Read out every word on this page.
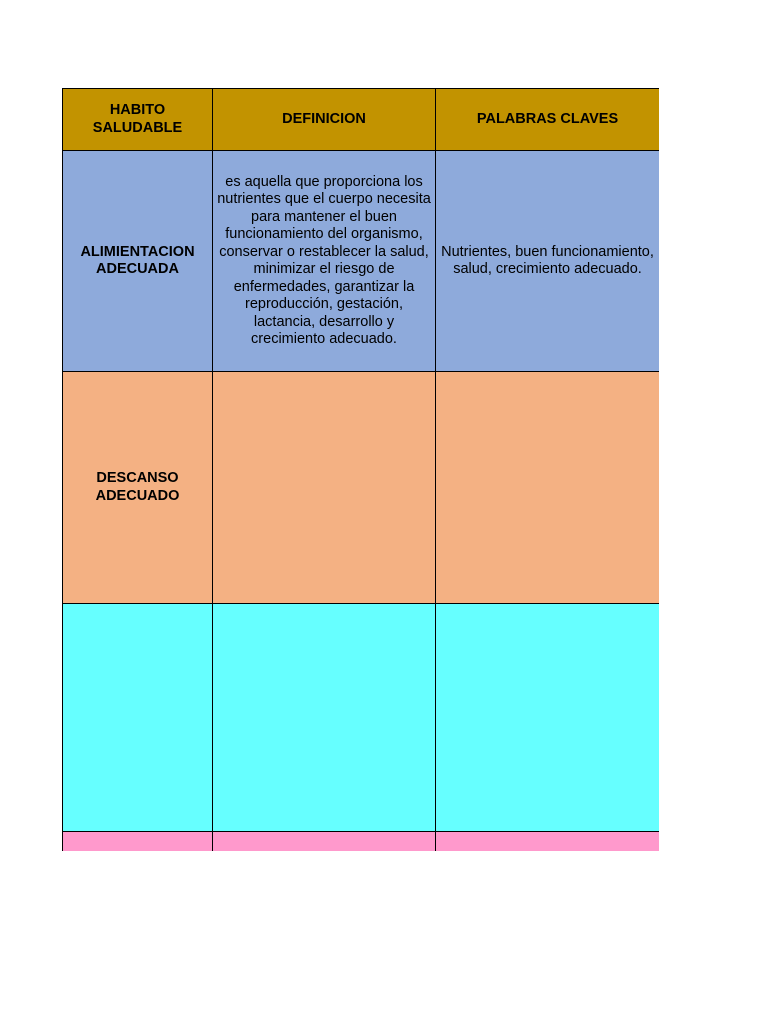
HABITO SALUDABLE	DEFINICION	PALABRAS CLAVES
ALIMIENTACION ADECUADA	es aquella que proporciona los nutrientes que el cuerpo necesita para mantener el buen funcionamiento del organismo, conservar o restablecer la salud, minimizar el riesgo de enfermedades, garantizar la reproducción, gestación, lactancia, desarrollo y crecimiento adecuado.	Nutrientes, buen funcionamiento, salud, crecimiento adecuado.
DESCANSO ADECUADO		
